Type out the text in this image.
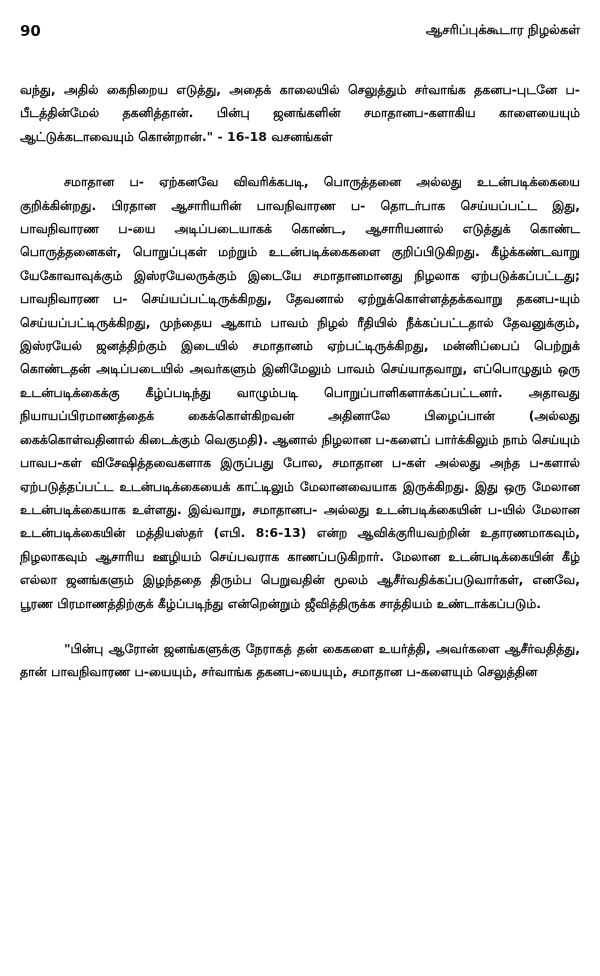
90	ஆசரிப்புக்கூடார நிழல்கள்

வந்து, அதில் கைநிறைய எடுத்து, அதைக் காலையில் செலுத்தும் சர்வாங்க தகனப-புடனே ப-பீடத்தின்மேல் தகனித்தான். பின்பு ஜனங்களின் சமாதானப-களாகிய காளையையும் ஆட்டுக்கடாவையும் கொன்றான்." - 16-18 வசனங்கள்

சமாதான ப- ஏற்கனவே விவரிக்கபடி, பொருத்தனை அல்லது உடன்படிக்கையை குறிக்கின்றது. பிரதான ஆசாரியரின் பாவநிவாரண ப- தொடர்பாக செய்யப்பட்ட இது, பாவநிவாரண ப-யை அடிப்படையாகக் கொண்ட, ஆசாரியனால் எடுத்துக் கொண்ட பொருத்தனைகள், பொறுப்புகள் மற்றும் உடன்படிக்கைகளை குறிப்பிடுகிறது. கீழ்க்கண்டவாறு யேகோவாவுக்கும் இஸ்ரயேலருக்கும் இடையே சமாதானமானது நிழலாக ஏற்படுக்கப்பட்டது; பாவநிவாரண ப- செய்யப்பட்டிருக்கிறது, தேவனால் ஏற்றுக்கொள்ளத்தக்கவாறு தகனப-யும் செய்யப்பட்டிருக்கிறது, முந்தைய ஆகாம் பாவம் நிழல் ரீதியில் நீக்கப்பட்டதால் தேவனுக்கும், இஸ்ரயேல் ஜனத்திற்கும் இடையில் சமாதானம் ஏற்பட்டிருக்கிறது, மன்னிப்பைப் பெற்றுக் கொண்டதன் அடிப்படையில் அவர்களும் இனிமேலும் பாவம் செய்யாதவாறு, எப்பொழுதும் ஒரு உடன்படிக்கைக்கு கீழ்ப்படிந்து வாழும்படி பொறுப்பாளிகளாக்கப்பட்டனர். அதாவது நியாயப்பிரமாணத்தைக் கைக்கொள்கிறவன் அதினாலே பிழைப்பான் (அல்லது கைக்கொள்வதினால் கிடைக்கும் வெகுமதி). ஆனால் நிழலான ப-களைப் பார்க்கிலும் நாம் செய்யும் பாவப-கள் விசேஷித்தவைகளாக இருப்பது போல, சமாதான ப-கள் அல்லது அந்த ப-களால் ஏற்படுத்தப்பட்ட உடன்படிக்கையைக் காட்டிலும் மேலானவையாக இருக்கிறது. இது ஒரு மேலான உடன்படிக்கையாக உள்ளது. இவ்வாறு, சமாதானப- அல்லது உடன்படிக்கையின் ப-யில் மேலான உடன்படிக்கையின் மத்தியஸ்தர் (எபி. 8:6-13) என்ற ஆவிக்குரியவற்றின் உதாரணமாகவும், நிழலாகவும் ஆசாரிய ஊழியம் செய்பவராக காணப்படுகிறார். மேலான உடன்படிக்கையின் கீழ் எல்லா ஜனங்களும் இழந்ததை திரும்ப பெறுவதின் மூலம் ஆசீர்வதிக்கப்படுவார்கள், எனவே, பூரண பிரமாணத்திற்குக் கீழ்ப்படிந்து என்றென்றும் ஜீவித்திருக்க சாத்தியம் உண்டாக்கப்படும்.

"பின்பு ஆரோன் ஜனங்களுக்கு நேராகத் தன் கைகளை உயர்த்தி, அவர்களை ஆசீர்வதித்து, தான் பாவநிவாரண ப-யையும், சர்வாங்க தகனப-யையும், சமாதான ப-களையும் செலுத்தின
